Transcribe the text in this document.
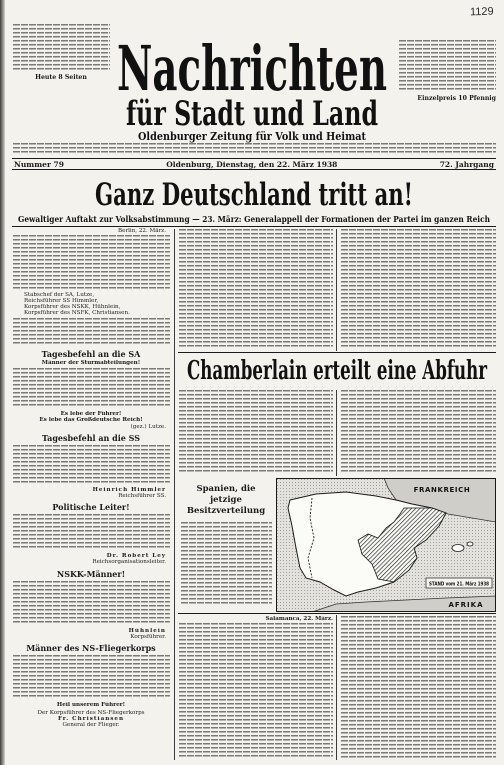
1129
Heute 8 Seiten Nachrichten
für Stadt und Land
Oldenburger Zeitung für Volk und Heimat
Einzelpreis 10 Pfennig
Nummer 79	Oldenburg, Dienstag, den 22. März 1938	72. Jahrgang
Ganz Deutschland tritt an!
Gewaltiger Auftakt zur Volksabstimmung — 23. März: Generalappell der Formationen der Partei im ganzen Reich
Berlin, 22. März.
Stabschef der SA, Lutze,
Reichsführer SS Himmler,
Korpsführer des NSKK, Hühnlein,
Korpsführer des NSFK, Christiansen.
Tagesbefehl an die SA
Männer der Sturmabteilungen!
Es lebe der Führer!
Es lebe das Großdeutsche Reich!
(gez.) Lutze.
Tagesbefehl an die SS
Heinrich Himmler
Reichsführer SS.
Politische Leiter!
Dr. Robert Ley
Reichsorganisationsleiter.
NSKK-Männer!
Hühnlein
Korpsführer.
Männer des NS-Fliegerkorps
Heil unserem Führer!
Der Korpsführer des NS-Fliegerkorps
Fr. Christiansen
General der Flieger.
Chamberlain erteilt eine Abfuhr
Spanien, die jetzige Besitzverteilung
FRANKREICH
STAND vom 21. März 1938
AFRIKA
Salamanca, 22. März.
